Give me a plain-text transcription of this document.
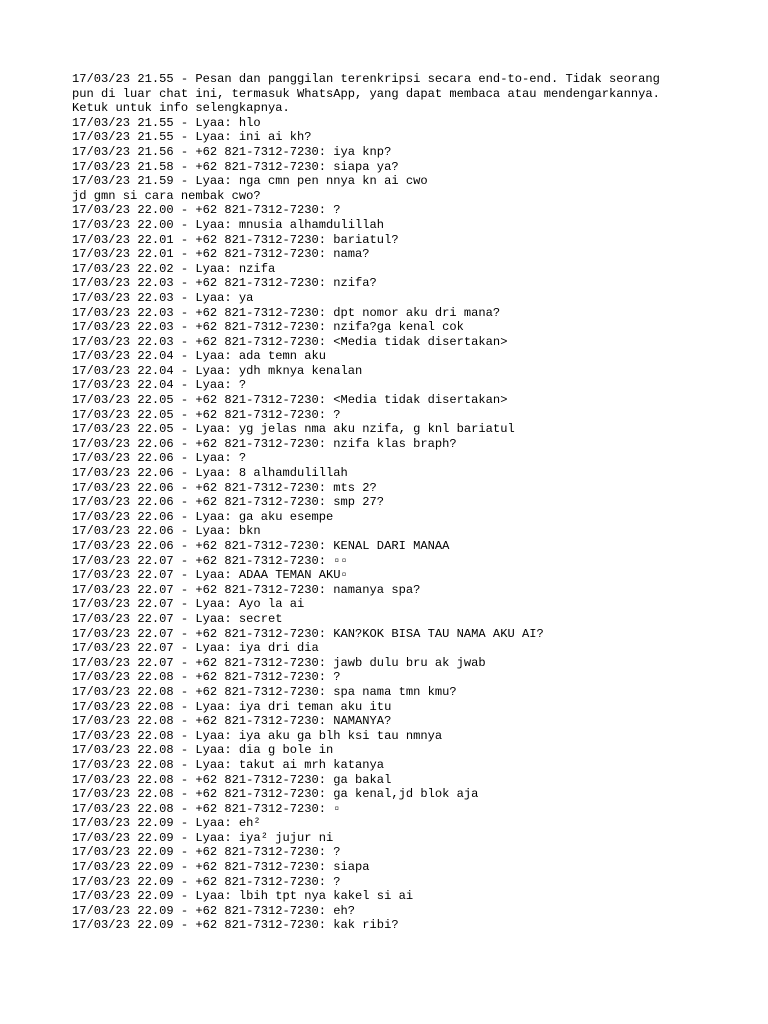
17/03/23 21.55 - Pesan dan panggilan terenkripsi secara end-to-end. Tidak seorang
pun di luar chat ini, termasuk WhatsApp, yang dapat membaca atau mendengarkannya.
Ketuk untuk info selengkapnya.
17/03/23 21.55 - Lyaa: hlo
17/03/23 21.55 - Lyaa: ini ai kh?
17/03/23 21.56 - +62 821-7312-7230: iya knp?
17/03/23 21.58 - +62 821-7312-7230: siapa ya?
17/03/23 21.59 - Lyaa: nga cmn pen nnya kn ai cwo
jd gmn si cara nembak cwo?
17/03/23 22.00 - +62 821-7312-7230: ?
17/03/23 22.00 - Lyaa: mnusia alhamdulillah
17/03/23 22.01 - +62 821-7312-7230: bariatul?
17/03/23 22.01 - +62 821-7312-7230: nama?
17/03/23 22.02 - Lyaa: nzifa
17/03/23 22.03 - +62 821-7312-7230: nzifa?
17/03/23 22.03 - Lyaa: ya
17/03/23 22.03 - +62 821-7312-7230: dpt nomor aku dri mana?
17/03/23 22.03 - +62 821-7312-7230: nzifa?ga kenal cok
17/03/23 22.03 - +62 821-7312-7230: <Media tidak disertakan>
17/03/23 22.04 - Lyaa: ada temn aku
17/03/23 22.04 - Lyaa: ydh mknya kenalan
17/03/23 22.04 - Lyaa: ?
17/03/23 22.05 - +62 821-7312-7230: <Media tidak disertakan>
17/03/23 22.05 - +62 821-7312-7230: ?
17/03/23 22.05 - Lyaa: yg jelas nma aku nzifa, g knl bariatul
17/03/23 22.06 - +62 821-7312-7230: nzifa klas braph?
17/03/23 22.06 - Lyaa: ?
17/03/23 22.06 - Lyaa: 8 alhamdulillah
17/03/23 22.06 - +62 821-7312-7230: mts 2?
17/03/23 22.06 - +62 821-7312-7230: smp 27?
17/03/23 22.06 - Lyaa: ga aku esempe
17/03/23 22.06 - Lyaa: bkn
17/03/23 22.06 - +62 821-7312-7230: KENAL DARI MANAA
17/03/23 22.07 - +62 821-7312-7230: ▫▫
17/03/23 22.07 - Lyaa: ADAA TEMAN AKU▫
17/03/23 22.07 - +62 821-7312-7230: namanya spa?
17/03/23 22.07 - Lyaa: Ayo la ai
17/03/23 22.07 - Lyaa: secret
17/03/23 22.07 - +62 821-7312-7230: KAN?KOK BISA TAU NAMA AKU AI?
17/03/23 22.07 - Lyaa: iya dri dia
17/03/23 22.07 - +62 821-7312-7230: jawb dulu bru ak jwab
17/03/23 22.08 - +62 821-7312-7230: ?
17/03/23 22.08 - +62 821-7312-7230: spa nama tmn kmu?
17/03/23 22.08 - Lyaa: iya dri teman aku itu
17/03/23 22.08 - +62 821-7312-7230: NAMANYA?
17/03/23 22.08 - Lyaa: iya aku ga blh ksi tau nmnya
17/03/23 22.08 - Lyaa: dia g bole in
17/03/23 22.08 - Lyaa: takut ai mrh katanya
17/03/23 22.08 - +62 821-7312-7230: ga bakal
17/03/23 22.08 - +62 821-7312-7230: ga kenal,jd blok aja
17/03/23 22.08 - +62 821-7312-7230: ▫
17/03/23 22.09 - Lyaa: eh²
17/03/23 22.09 - Lyaa: iya² jujur ni
17/03/23 22.09 - +62 821-7312-7230: ?
17/03/23 22.09 - +62 821-7312-7230: siapa
17/03/23 22.09 - +62 821-7312-7230: ?
17/03/23 22.09 - Lyaa: lbih tpt nya kakel si ai
17/03/23 22.09 - +62 821-7312-7230: eh?
17/03/23 22.09 - +62 821-7312-7230: kak ribi?
